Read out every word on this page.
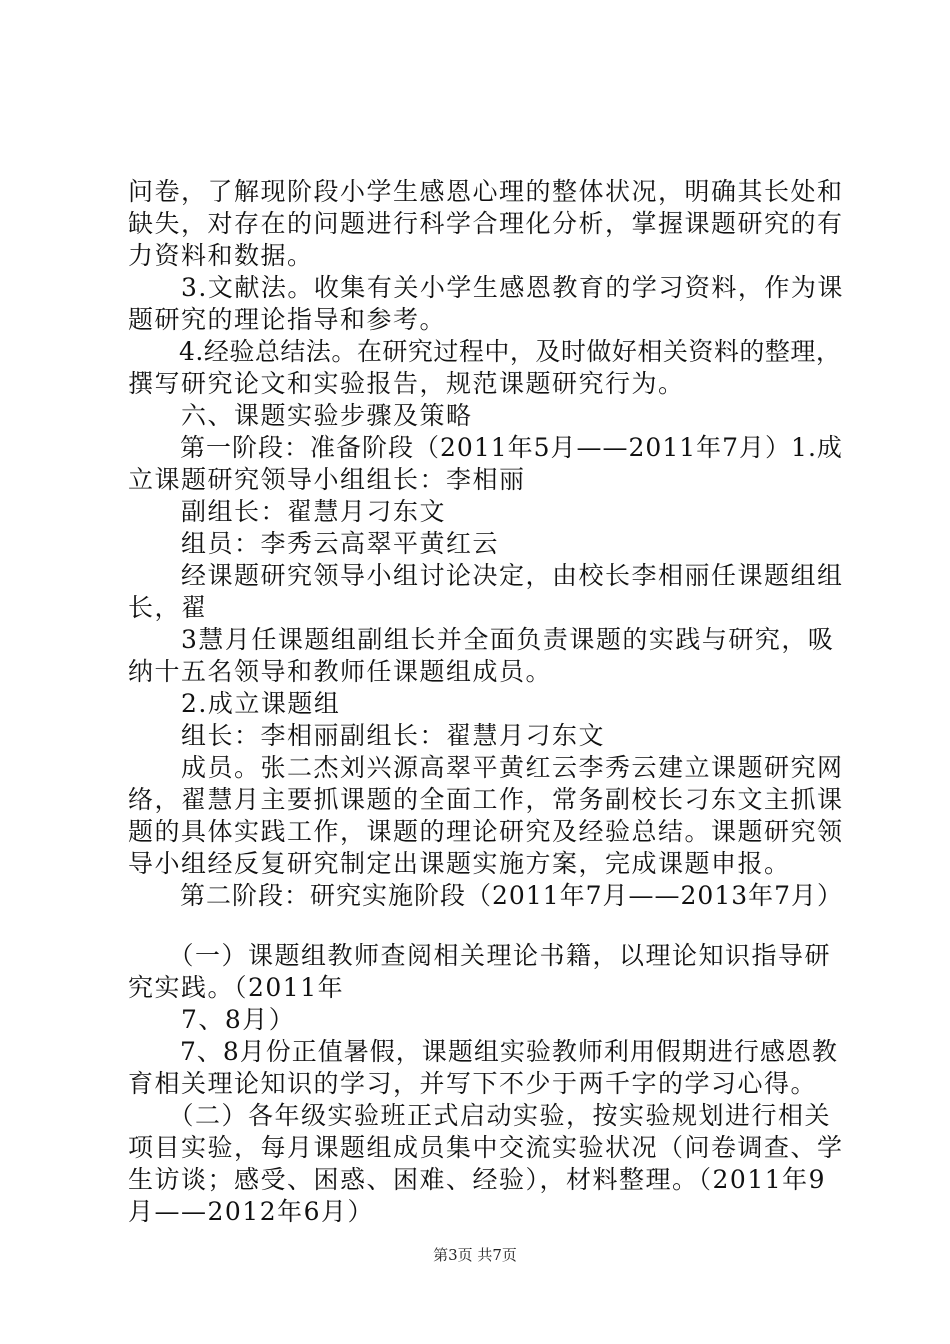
问卷，了解现阶段小学生感恩心理的整体状况，明确其长处和
缺失，对存在的问题进行科学合理化分析，掌握课题研究的有
力资料和数据。
　　3.文献法。收集有关小学生感恩教育的学习资料，作为课
题研究的理论指导和参考。
　　4.经验总结法。在研究过程中，及时做好相关资料的整理，
撰写研究论文和实验报告，规范课题研究行为。
　　六、课题实验步骤及策略
　　第一阶段：准备阶段（2011年5月——2011年7月）1.成
立课题研究领导小组组长：李相丽
　　副组长：翟慧月刁东文
　　组员：李秀云高翠平黄红云
　　经课题研究领导小组讨论决定，由校长李相丽任课题组组
长，翟
　　3慧月任课题组副组长并全面负责课题的实践与研究，吸
纳十五名领导和教师任课题组成员。
　　2.成立课题组
　　组长：李相丽副组长：翟慧月刁东文
　　成员。张二杰刘兴源高翠平黄红云李秀云建立课题研究网
络，翟慧月主要抓课题的全面工作，常务副校长刁东文主抓课
题的具体实践工作，课题的理论研究及经验总结。课题研究领
导小组经反复研究制定出课题实施方案，完成课题申报。
　　第二阶段：研究实施阶段（2011年7月——2013年7月）
　　（一）课题组教师查阅相关理论书籍，以理论知识指导研
究实践。（2011年
　　7、8月）
　　7、8月份正值暑假，课题组实验教师利用假期进行感恩教
育相关理论知识的学习，并写下不少于两千字的学习心得。
　　（二）各年级实验班正式启动实验，按实验规划进行相关
项目实验，每月课题组成员集中交流实验状况（问卷调查、学
生访谈；感受、困惑、困难、经验），材料整理。（2011年9
月——2012年6月）
第3页 共7页
